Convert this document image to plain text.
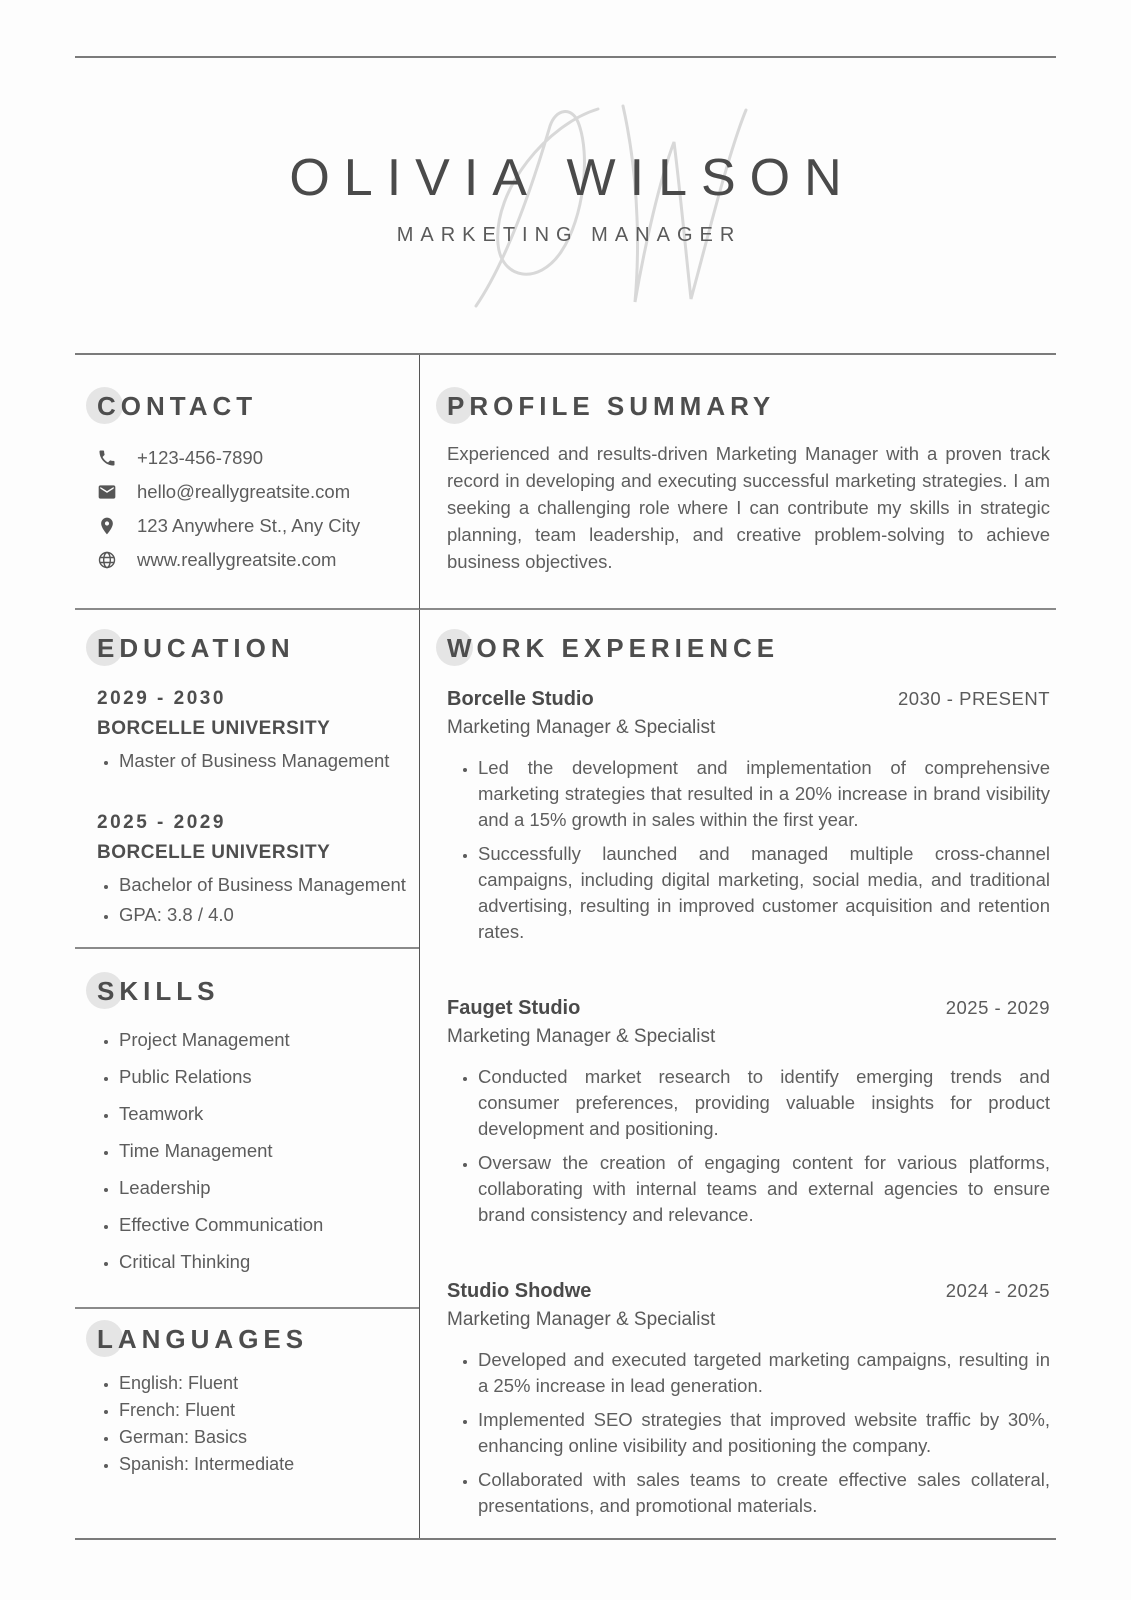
OLIVIA WILSON
MARKETING MANAGER
CONTACT
+123-456-7890
hello@reallygreatsite.com
123 Anywhere St., Any City
www.reallygreatsite.com
PROFILE SUMMARY

Experienced and results-driven Marketing Manager with a proven track record in developing and executing successful marketing strategies. I am seeking a challenging role where I can contribute my skills in strategic planning, team leadership, and creative problem-solving to achieve business objectives.

EDUCATION
2029 - 2030
BORCELLE UNIVERSITY
• Master of Business Management
2025 - 2029
BORCELLE UNIVERSITY
• Bachelor of Business Management
• GPA: 3.8 / 4.0
SKILLS
• Project Management
• Public Relations
• Teamwork
• Time Management
• Leadership
• Effective Communication
• Critical Thinking
LANGUAGES
• English: Fluent
• French: Fluent
• German: Basics
• Spanish: Intermediate
WORK EXPERIENCE
Borcelle Studio	2030 - PRESENT
Marketing Manager & Specialist
• Led the development and implementation of comprehensive marketing strategies that resulted in a 20% increase in brand visibility and a 15% growth in sales within the first year.
• Successfully launched and managed multiple cross-channel campaigns, including digital marketing, social media, and traditional advertising, resulting in improved customer acquisition and retention rates.
Fauget Studio	2025 - 2029
Marketing Manager & Specialist
• Conducted market research to identify emerging trends and consumer preferences, providing valuable insights for product development and positioning.
• Oversaw the creation of engaging content for various platforms, collaborating with internal teams and external agencies to ensure brand consistency and relevance.
Studio Shodwe	2024 - 2025
Marketing Manager & Specialist
• Developed and executed targeted marketing campaigns, resulting in a 25% increase in lead generation.
• Implemented SEO strategies that improved website traffic by 30%, enhancing online visibility and positioning the company.
• Collaborated with sales teams to create effective sales collateral, presentations, and promotional materials.
